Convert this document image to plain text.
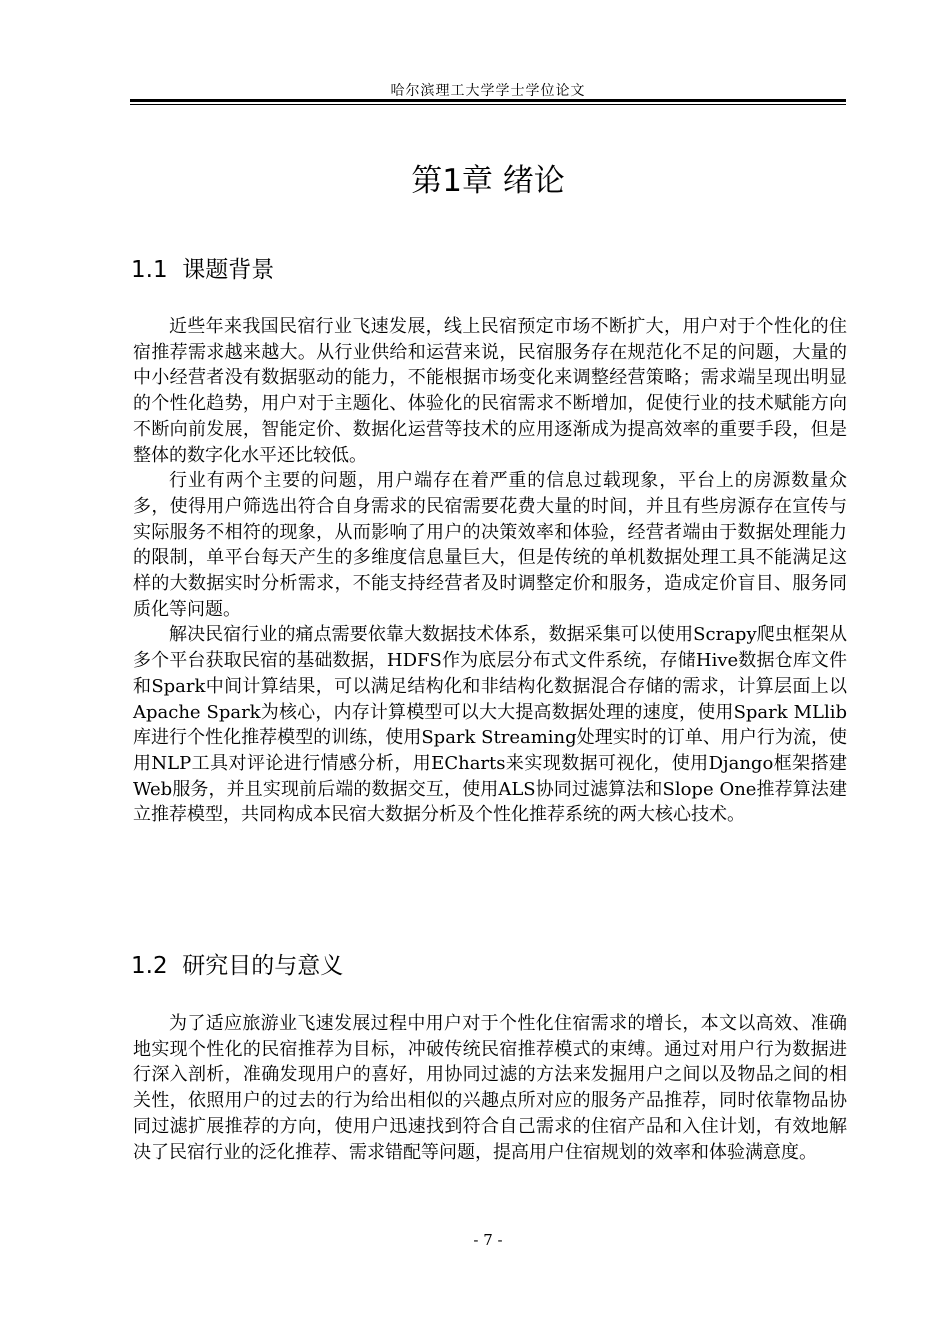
哈尔滨理工大学学士学位论文
第1章 绪论
1.1 课题背景

近些年来我国民宿行业飞速发展，线上民宿预定市场不断扩大，用户对于个性化的住宿推荐需求越来越大。从行业供给和运营来说，民宿服务存在规范化不足的问题，大量的中小经营者没有数据驱动的能力，不能根据市场变化来调整经营策略；需求端呈现出明显的个性化趋势，用户对于主题化、体验化的民宿需求不断增加，促使行业的技术赋能方向不断向前发展，智能定价、数据化运营等技术的应用逐渐成为提高效率的重要手段，但是整体的数字化水平还比较低。

行业有两个主要的问题，用户端存在着严重的信息过载现象，平台上的房源数量众多，使得用户筛选出符合自身需求的民宿需要花费大量的时间，并且有些房源存在宣传与实际服务不相符的现象，从而影响了用户的决策效率和体验，经营者端由于数据处理能力的限制，单平台每天产生的多维度信息量巨大，但是传统的单机数据处理工具不能满足这样的大数据实时分析需求，不能支持经营者及时调整定价和服务，造成定价盲目、服务同质化等问题。

解决民宿行业的痛点需要依靠大数据技术体系，数据采集可以使用Scrapy爬虫框架从多个平台获取民宿的基础数据，HDFS作为底层分布式文件系统，存储Hive数据仓库文件和Spark中间计算结果，可以满足结构化和非结构化数据混合存储的需求，计算层面上以Apache Spark为核心，内存计算模型可以大大提高数据处理的速度，使用Spark MLlib库进行个性化推荐模型的训练，使用Spark Streaming处理实时的订单、用户行为流，使用NLP工具对评论进行情感分析，用ECharts来实现数据可视化，使用Django框架搭建Web服务，并且实现前后端的数据交互，使用ALS协同过滤算法和Slope One推荐算法建立推荐模型，共同构成本民宿大数据分析及个性化推荐系统的两大核心技术。

1.2 研究目的与意义

为了适应旅游业飞速发展过程中用户对于个性化住宿需求的增长，本文以高效、准确地实现个性化的民宿推荐为目标，冲破传统民宿推荐模式的束缚。通过对用户行为数据进行深入剖析，准确发现用户的喜好，用协同过滤的方法来发掘用户之间以及物品之间的相关性，依照用户的过去的行为给出相似的兴趣点所对应的服务产品推荐，同时依靠物品协同过滤扩展推荐的方向，使用户迅速找到符合自己需求的住宿产品和入住计划，有效地解决了民宿行业的泛化推荐、需求错配等问题，提高用户住宿规划的效率和体验满意度。

- 7 -
